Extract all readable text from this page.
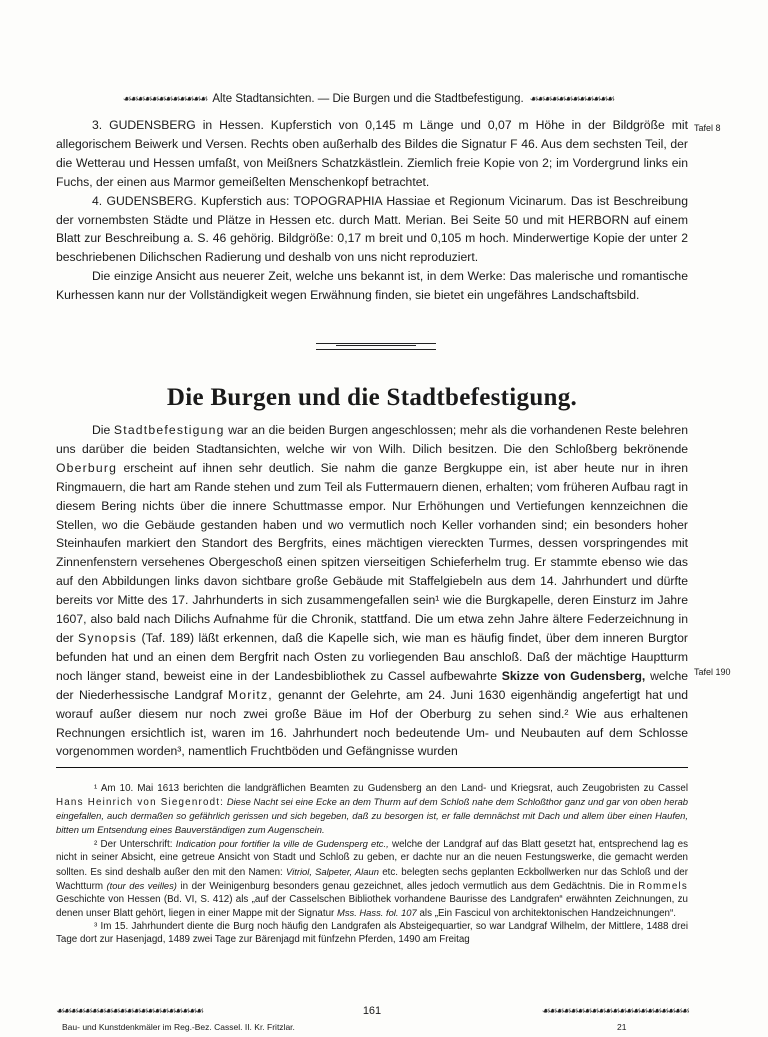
☙☙☙☙☙☙☙☙☙☙☙☙ Alte Stadtansichten. — Die Burgen und die Stadtbefestigung. ☙☙☙☙☙☙☙☙☙☙☙☙

3. GUDENSBERG in Hessen. Kupferstich von 0,145 m Länge und 0,07 m Höhe in der Bildgröße mit allegorischem Beiwerk und Versen. Rechts oben außerhalb des Bildes die Signatur F 46. Aus dem sechsten Teil, der die Wetterau und Hessen umfaßt, von Meißners Schatzkästlein. Ziemlich freie Kopie von 2; im Vordergrund links ein Fuchs, der einen aus Marmor gemeißelten Menschenkopf betrachtet.

4. GUDENSBERG. Kupferstich aus: TOPOGRAPHIA Hassiae et Regionum Vicinarum. Das ist Beschreibung der vornembsten Städte und Plätze in Hessen etc. durch Matt. Merian. Bei Seite 50 und mit HERBORN auf einem Blatt zur Beschreibung a. S. 46 gehörig. Bildgröße: 0,17 m breit und 0,105 m hoch. Minderwertige Kopie der unter 2 beschriebenen Dilichschen Radierung und deshalb von uns nicht reproduziert.

Die einzige Ansicht aus neuerer Zeit, welche uns bekannt ist, in dem Werke: Das malerische und romantische Kurhessen kann nur der Vollständigkeit wegen Erwähnung finden, sie bietet ein ungefähres Landschaftsbild.

Tafel 8
Die Burgen und die Stadtbefestigung.

Die Stadtbefestigung war an die beiden Burgen angeschlossen; mehr als die vorhandenen Reste belehren uns darüber die beiden Stadtansichten, welche wir von Wilh. Dilich besitzen. Die den Schloßberg bekrönende Oberburg erscheint auf ihnen sehr deutlich. Sie nahm die ganze Bergkuppe ein, ist aber heute nur in ihren Ringmauern, die hart am Rande stehen und zum Teil als Futtermauern dienen, erhalten; vom früheren Aufbau ragt in diesem Bering nichts über die innere Schuttmasse empor. Nur Erhöhungen und Vertiefungen kennzeichnen die Stellen, wo die Gebäude gestanden haben und wo vermutlich noch Keller vorhanden sind; ein besonders hoher Steinhaufen markiert den Standort des Bergfrits, eines mächtigen viereckten Turmes, dessen vorspringendes mit Zinnenfenstern versehenes Obergeschoß einen spitzen vierseitigen Schieferhelm trug. Er stammte ebenso wie das auf den Abbildungen links davon sichtbare große Gebäude mit Staffelgiebeln aus dem 14. Jahrhundert und dürfte bereits vor Mitte des 17. Jahrhunderts in sich zusammengefallen sein¹ wie die Burgkapelle, deren Einsturz im Jahre 1607, also bald nach Dilichs Aufnahme für die Chronik, stattfand. Die um etwa zehn Jahre ältere Federzeichnung in der Synopsis (Taf. 189) läßt erkennen, daß die Kapelle sich, wie man es häufig findet, über dem inneren Burgtor befunden hat und an einen dem Bergfrit nach Osten zu vorliegenden Bau anschloß. Daß der mächtige Hauptturm noch länger stand, beweist eine in der Landesbibliothek zu Cassel aufbewahrte Skizze von Gudensberg, welche der Niederhessische Landgraf Moritz, genannt der Gelehrte, am 24. Juni 1630 eigenhändig angefertigt hat und worauf außer diesem nur noch zwei große Bäue im Hof der Oberburg zu sehen sind.² Wie aus erhaltenen Rechnungen ersichtlich ist, waren im 16. Jahrhundert noch bedeutende Um- und Neubauten auf dem Schlosse vorgenommen worden³, namentlich Fruchtböden und Gefängnisse wurden

Tafel 190

¹ Am 10. Mai 1613 berichten die landgräflichen Beamten zu Gudensberg an den Land- und Kriegsrat, auch Zeugobristen zu Cassel Hans Heinrich von Siegenrodt: Diese Nacht sei eine Ecke an dem Thurm auf dem Schloß nahe dem Schloßthor ganz und gar von oben herab eingefallen, auch dermaßen so gefährlich gerissen und sich begeben, daß zu besorgen ist, er falle demnächst mit Dach und allem über einen Haufen, bitten um Entsendung eines Bauverständigen zum Augenschein.

² Der Unterschrift: Indication pour fortifier la ville de Gudensperg etc., welche der Landgraf auf das Blatt gesetzt hat, entsprechend lag es nicht in seiner Absicht, eine getreue Ansicht von Stadt und Schloß zu geben, er dachte nur an die neuen Festungswerke, die gemacht werden sollten. Es sind deshalb außer den mit den Namen: Vitriol, Salpeter, Alaun etc. belegten sechs geplanten Eckbollwerken nur das Schloß und der Wachtturm (tour des veilles) in der Weinigenburg besonders genau gezeichnet, alles jedoch vermutlich aus dem Gedächtnis. Die in Rommels Geschichte von Hessen (Bd. VI, S. 412) als „auf der Casselschen Bibliothek vorhandene Baurisse des Landgrafen“ erwähnten Zeichnungen, zu denen unser Blatt gehört, liegen in einer Mappe mit der Signatur Mss. Hass. fol. 107 als „Ein Fascicul von architektonischen Handzeichnungen“.

³ Im 15. Jahrhundert diente die Burg noch häufig den Landgrafen als Absteigequartier, so war Landgraf Wilhelm, der Mittlere, 1488 drei Tage dort zur Hasenjagd, 1489 zwei Tage zur Bärenjagd mit fünfzehn Pferden, 1490 am Freitag

☙☙☙☙☙☙☙☙☙☙☙☙☙☙☙☙☙☙☙☙☙	161	☙☙☙☙☙☙☙☙☙☙☙☙☙☙☙☙☙☙☙☙☙
Bau- und Kunstdenkmäler im Reg.-Bez. Cassel. II. Kr. Fritzlar.	21
